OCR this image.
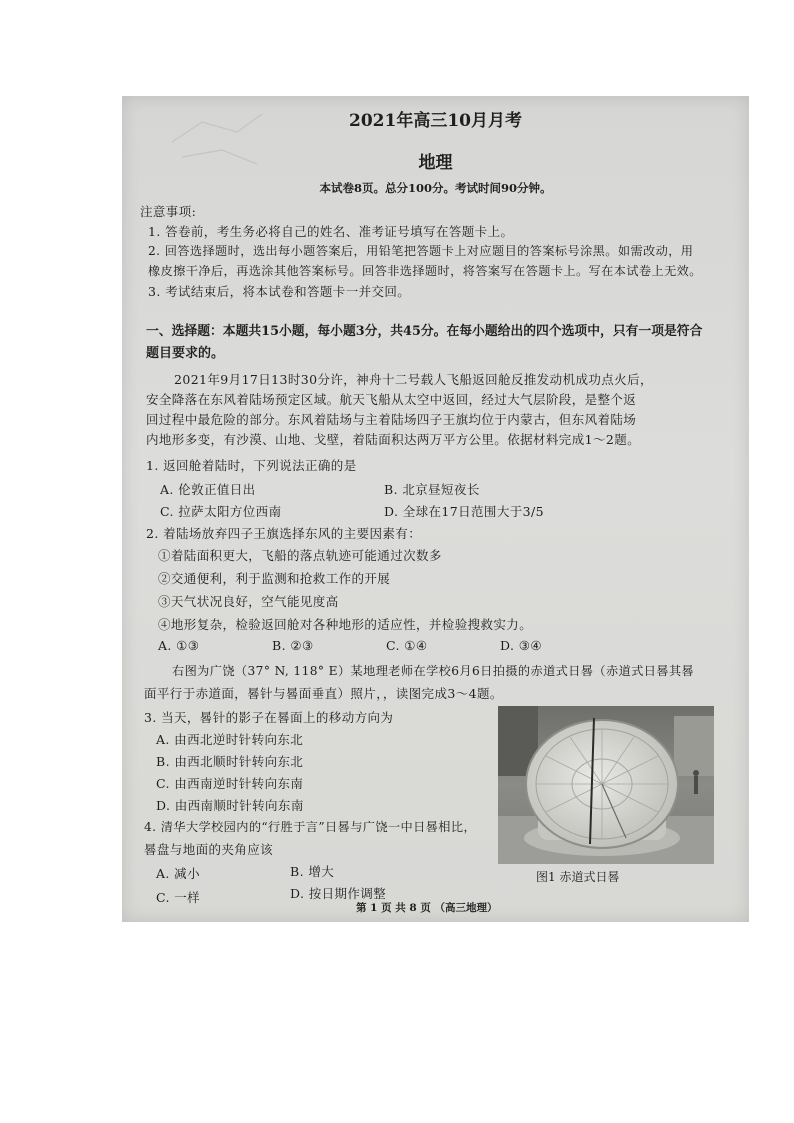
2021年高三10月月考
地理
本试卷8页。总分100分。考试时间90分钟。
注意事项:
1. 答卷前，考生务必将自己的姓名、准考证号填写在答题卡上。
2. 回答选择题时，选出每小题答案后，用铅笔把答题卡上对应题目的答案标号涂黑。如需改动，用
橡皮擦干净后，再选涂其他答案标号。回答非选择题时，将答案写在答题卡上。写在本试卷上无效。
3. 考试结束后，将本试卷和答题卡一并交回。
一、选择题：本题共15小题，每小题3分，共45分。在每小题给出的四个选项中，只有一项是符合
题目要求的。
2021年9月17日13时30分许，神舟十二号载人飞船返回舱反推发动机成功点火后，
安全降落在东风着陆场预定区域。航天飞船从太空中返回，经过大气层阶段，是整个返
回过程中最危险的部分。东风着陆场与主着陆场四子王旗均位于内蒙古，但东风着陆场
内地形多变，有沙漠、山地、戈壁，着陆面积达两万平方公里。依据材料完成1～2题。
1. 返回舱着陆时，下列说法正确的是
A. 伦敦正值日出	B. 北京昼短夜长
C. 拉萨太阳方位西南	D. 全球在17日范围大于3/5
2. 着陆场放弃四子王旗选择东风的主要因素有：
①着陆面积更大，飞船的落点轨迹可能通过次数多
②交通便利，利于监测和抢救工作的开展
③天气状况良好，空气能见度高
④地形复杂，检验返回舱对各种地形的适应性，并检验搜救实力。
A. ①③	B. ②③	C. ①④	D. ③④
右图为广饶（37° N, 118° E）某地理老师在学校6月6日拍摄的赤道式日晷（赤道式日晷其晷
面平行于赤道面，晷针与晷面垂直）照片，，读图完成3～4题。
3. 当天，晷针的影子在晷面上的移动方向为
A. 由西北逆时针转向东北
B. 由西北顺时针转向东北
C. 由西南逆时针转向东南
D. 由西南顺时针转向东南
4. 清华大学校园内的“行胜于言”日晷与广饶一中日晷相比，
晷盘与地面的夹角应该
A. 减小	B. 增大
C. 一样	D. 按日期作调整
图1 赤道式日晷
第 1 页 共 8 页 （高三地理）
